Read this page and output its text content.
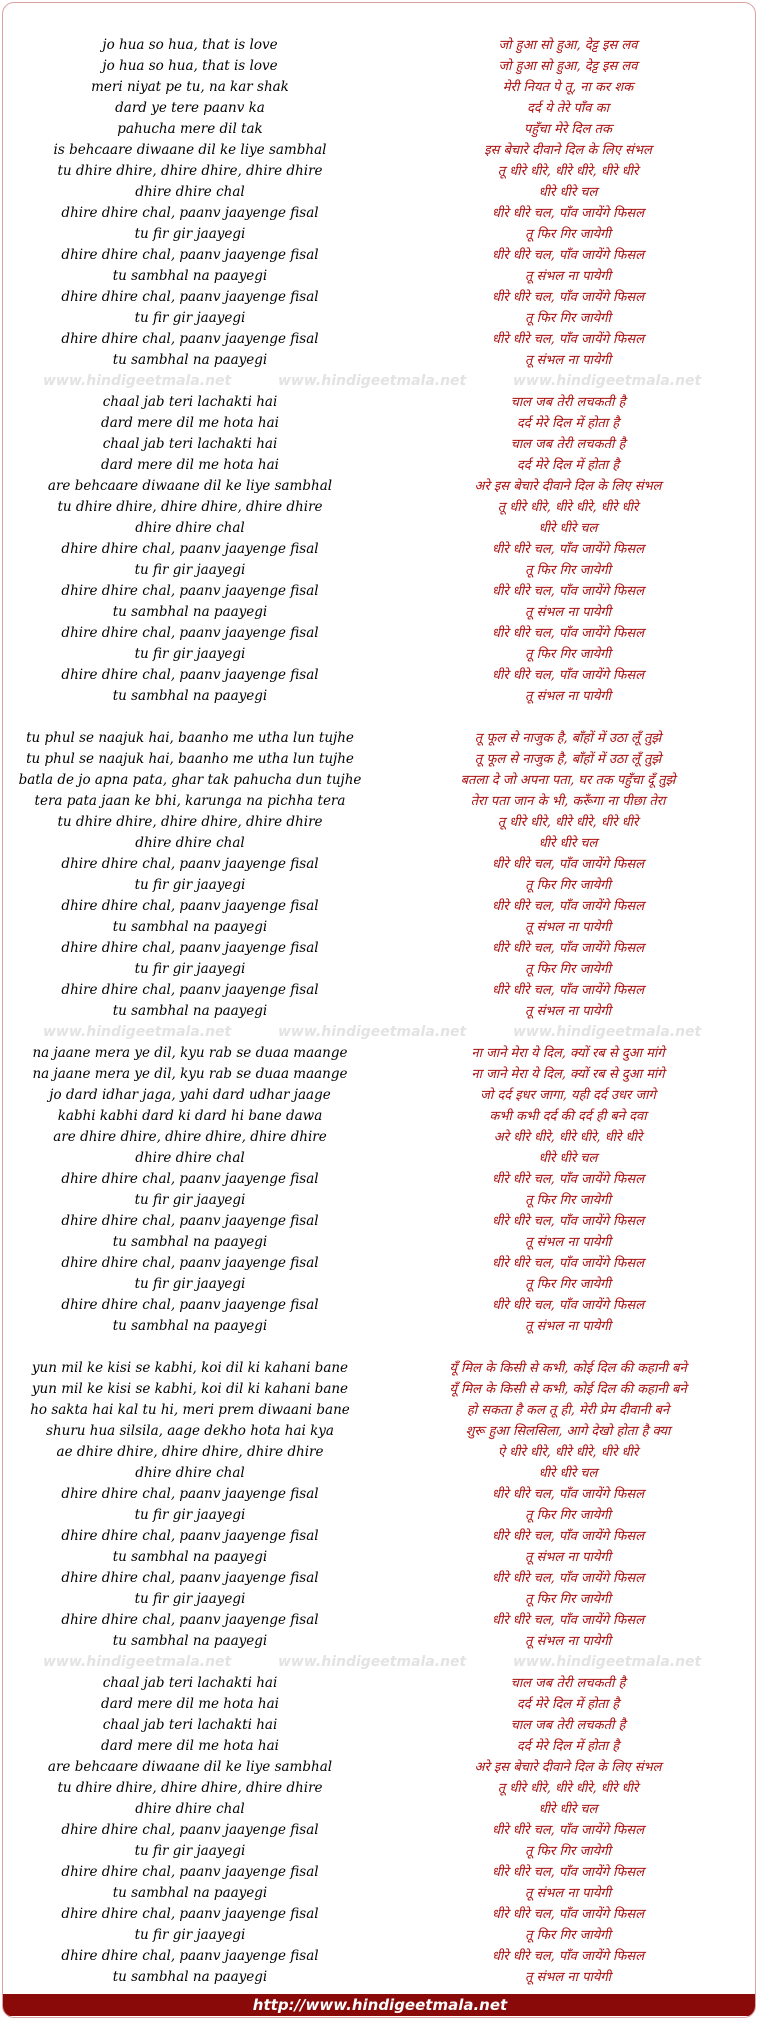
jo hua so hua, that is love	जो हुआ सो हुआ, देट्ट इस लव
jo hua so hua, that is love	जो हुआ सो हुआ, देट्ट इस लव
meri niyat pe tu, na kar shak	मेरी नियत पे तू, ना कर शक
dard ye tere paanv ka	दर्द ये तेरे पाँव का
pahucha mere dil tak	पहुँचा मेरे दिल तक
is behcaare diwaane dil ke liye sambhal	इस बेचारे दीवाने दिल के लिए संभल
tu dhire dhire, dhire dhire, dhire dhire	तू धीरे धीरे, धीरे धीरे, धीरे धीरे
dhire dhire chal	धीरे धीरे चल
dhire dhire chal, paanv jaayenge fisal	धीरे धीरे चल, पाँव जायेंगे फिसल
tu fir gir jaayegi	तू फिर गिर जायेगी
dhire dhire chal, paanv jaayenge fisal	धीरे धीरे चल, पाँव जायेंगे फिसल
tu sambhal na paayegi	तू संभल ना पायेगी
dhire dhire chal, paanv jaayenge fisal	धीरे धीरे चल, पाँव जायेंगे फिसल
tu fir gir jaayegi	तू फिर गिर जायेगी
dhire dhire chal, paanv jaayenge fisal	धीरे धीरे चल, पाँव जायेंगे फिसल
tu sambhal na paayegi	तू संभल ना पायेगी
www.hindigeetmala.net	www.hindigeetmala.net	www.hindigeetmala.net
chaal jab teri lachakti hai	चाल जब तेरी लचकती है
dard mere dil me hota hai	दर्द मेरे दिल में होता है
chaal jab teri lachakti hai	चाल जब तेरी लचकती है
dard mere dil me hota hai	दर्द मेरे दिल में होता है
are behcaare diwaane dil ke liye sambhal	अरे इस बेचारे दीवाने दिल के लिए संभल
tu dhire dhire, dhire dhire, dhire dhire	तू धीरे धीरे, धीरे धीरे, धीरे धीरे
dhire dhire chal	धीरे धीरे चल
dhire dhire chal, paanv jaayenge fisal	धीरे धीरे चल, पाँव जायेंगे फिसल
tu fir gir jaayegi	तू फिर गिर जायेगी
dhire dhire chal, paanv jaayenge fisal	धीरे धीरे चल, पाँव जायेंगे फिसल
tu sambhal na paayegi	तू संभल ना पायेगी
dhire dhire chal, paanv jaayenge fisal	धीरे धीरे चल, पाँव जायेंगे फिसल
tu fir gir jaayegi	तू फिर गिर जायेगी
dhire dhire chal, paanv jaayenge fisal	धीरे धीरे चल, पाँव जायेंगे फिसल
tu sambhal na paayegi	तू संभल ना पायेगी
tu phul se naajuk hai, baanho me utha lun tujhe	तू फूल से नाजुक है, बाँहों में उठा लूँ तुझे
tu phul se naajuk hai, baanho me utha lun tujhe	तू फूल से नाजुक है, बाँहों में उठा लूँ तुझे
batla de jo apna pata, ghar tak pahucha dun tujhe	बतला दे जो अपना पता, घर तक पहुँचा दूँ तुझे
tera pata jaan ke bhi, karunga na pichha tera	तेरा पता जान के भी, करूँगा ना पीछा तेरा
tu dhire dhire, dhire dhire, dhire dhire	तू धीरे धीरे, धीरे धीरे, धीरे धीरे
dhire dhire chal	धीरे धीरे चल
dhire dhire chal, paanv jaayenge fisal	धीरे धीरे चल, पाँव जायेंगे फिसल
tu fir gir jaayegi	तू फिर गिर जायेगी
dhire dhire chal, paanv jaayenge fisal	धीरे धीरे चल, पाँव जायेंगे फिसल
tu sambhal na paayegi	तू संभल ना पायेगी
dhire dhire chal, paanv jaayenge fisal	धीरे धीरे चल, पाँव जायेंगे फिसल
tu fir gir jaayegi	तू फिर गिर जायेगी
dhire dhire chal, paanv jaayenge fisal	धीरे धीरे चल, पाँव जायेंगे फिसल
tu sambhal na paayegi	तू संभल ना पायेगी
www.hindigeetmala.net	www.hindigeetmala.net	www.hindigeetmala.net
na jaane mera ye dil, kyu rab se duaa maange	ना जाने मेरा ये दिल, क्यों रब से दुआ मांगे
na jaane mera ye dil, kyu rab se duaa maange	ना जाने मेरा ये दिल, क्यों रब से दुआ मांगे
jo dard idhar jaga, yahi dard udhar jaage	जो दर्द इधर जागा, यही दर्द उधर जागे
kabhi kabhi dard ki dard hi bane dawa	कभी कभी दर्द की दर्द ही बने दवा
are dhire dhire, dhire dhire, dhire dhire	अरे धीरे धीरे, धीरे धीरे, धीरे धीरे
dhire dhire chal	धीरे धीरे चल
dhire dhire chal, paanv jaayenge fisal	धीरे धीरे चल, पाँव जायेंगे फिसल
tu fir gir jaayegi	तू फिर गिर जायेगी
dhire dhire chal, paanv jaayenge fisal	धीरे धीरे चल, पाँव जायेंगे फिसल
tu sambhal na paayegi	तू संभल ना पायेगी
dhire dhire chal, paanv jaayenge fisal	धीरे धीरे चल, पाँव जायेंगे फिसल
tu fir gir jaayegi	तू फिर गिर जायेगी
dhire dhire chal, paanv jaayenge fisal	धीरे धीरे चल, पाँव जायेंगे फिसल
tu sambhal na paayegi	तू संभल ना पायेगी
yun mil ke kisi se kabhi, koi dil ki kahani bane	यूँ मिल के किसी से कभी, कोई दिल की कहानी बने
yun mil ke kisi se kabhi, koi dil ki kahani bane	यूँ मिल के किसी से कभी, कोई दिल की कहानी बने
ho sakta hai kal tu hi, meri prem diwaani bane	हो सकता है कल तू ही, मेरी प्रेम दीवानी बने
shuru hua silsila, aage dekho hota hai kya	शुरू हुआ सिलसिला, आगे देखो होता है क्या
ae dhire dhire, dhire dhire, dhire dhire	ऐ धीरे धीरे, धीरे धीरे, धीरे धीरे
dhire dhire chal	धीरे धीरे चल
dhire dhire chal, paanv jaayenge fisal	धीरे धीरे चल, पाँव जायेंगे फिसल
tu fir gir jaayegi	तू फिर गिर जायेगी
dhire dhire chal, paanv jaayenge fisal	धीरे धीरे चल, पाँव जायेंगे फिसल
tu sambhal na paayegi	तू संभल ना पायेगी
dhire dhire chal, paanv jaayenge fisal	धीरे धीरे चल, पाँव जायेंगे फिसल
tu fir gir jaayegi	तू फिर गिर जायेगी
dhire dhire chal, paanv jaayenge fisal	धीरे धीरे चल, पाँव जायेंगे फिसल
tu sambhal na paayegi	तू संभल ना पायेगी
www.hindigeetmala.net	www.hindigeetmala.net	www.hindigeetmala.net
chaal jab teri lachakti hai	चाल जब तेरी लचकती है
dard mere dil me hota hai	दर्द मेरे दिल में होता है
chaal jab teri lachakti hai	चाल जब तेरी लचकती है
dard mere dil me hota hai	दर्द मेरे दिल में होता है
are behcaare diwaane dil ke liye sambhal	अरे इस बेचारे दीवाने दिल के लिए संभल
tu dhire dhire, dhire dhire, dhire dhire	तू धीरे धीरे, धीरे धीरे, धीरे धीरे
dhire dhire chal	धीरे धीरे चल
dhire dhire chal, paanv jaayenge fisal	धीरे धीरे चल, पाँव जायेंगे फिसल
tu fir gir jaayegi	तू फिर गिर जायेगी
dhire dhire chal, paanv jaayenge fisal	धीरे धीरे चल, पाँव जायेंगे फिसल
tu sambhal na paayegi	तू संभल ना पायेगी
dhire dhire chal, paanv jaayenge fisal	धीरे धीरे चल, पाँव जायेंगे फिसल
tu fir gir jaayegi	तू फिर गिर जायेगी
dhire dhire chal, paanv jaayenge fisal	धीरे धीरे चल, पाँव जायेंगे फिसल
tu sambhal na paayegi	तू संभल ना पायेगी
http://www.hindigeetmala.net
